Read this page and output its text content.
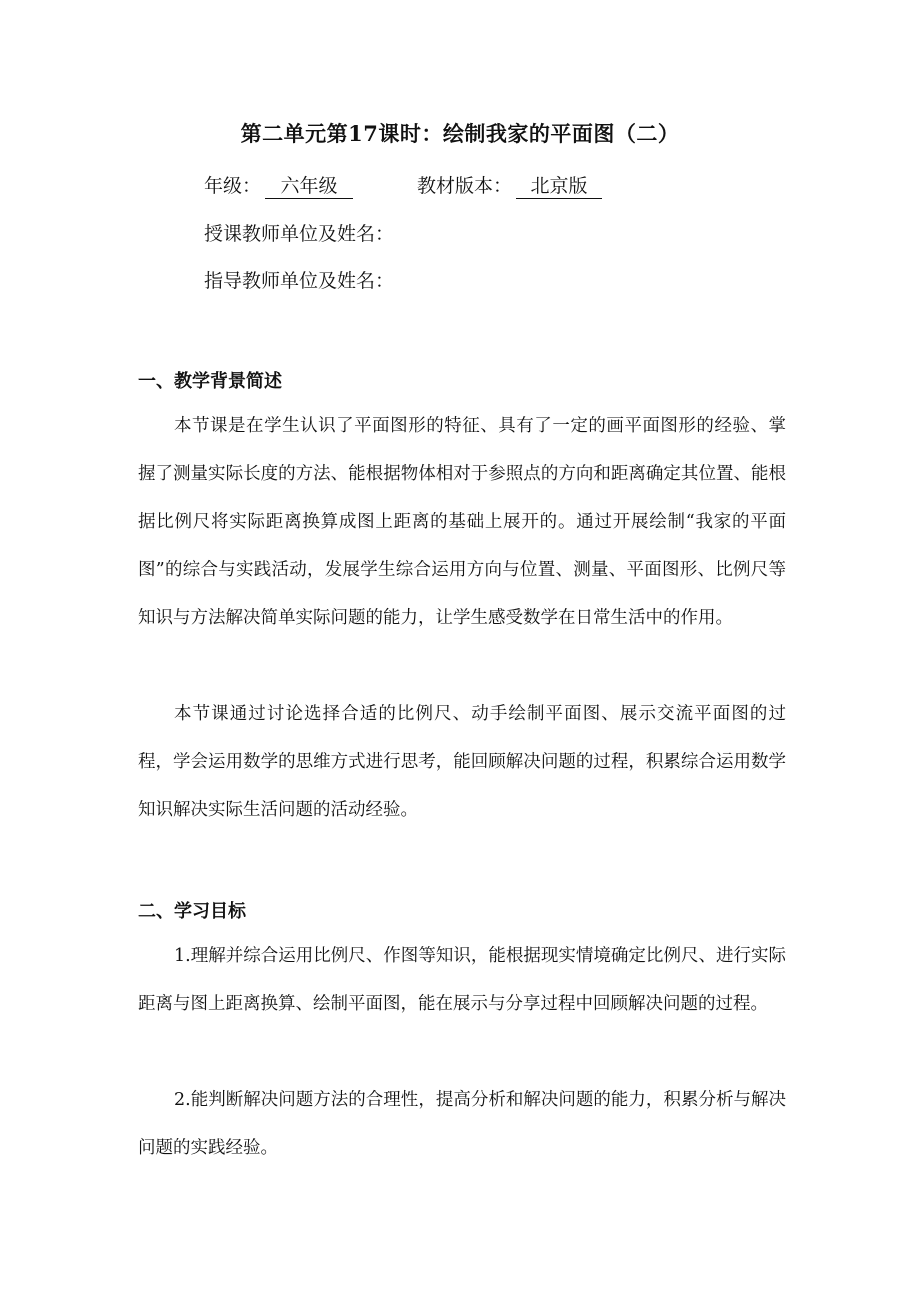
第二单元第17课时：绘制我家的平面图（二）
年级： 六年级	教材版本： 北京版
授课教师单位及姓名：
指导教师单位及姓名：
一、教学背景简述

本节课是在学生认识了平面图形的特征、具有了一定的画平面图形的经验、掌握了测量实际长度的方法、能根据物体相对于参照点的方向和距离确定其位置、能根据比例尺将实际距离换算成图上距离的基础上展开的。通过开展绘制“我家的平面图”的综合与实践活动，发展学生综合运用方向与位置、测量、平面图形、比例尺等知识与方法解决简单实际问题的能力，让学生感受数学在日常生活中的作用。

本节课通过讨论选择合适的比例尺、动手绘制平面图、展示交流平面图的过程，学会运用数学的思维方式进行思考，能回顾解决问题的过程，积累综合运用数学知识解决实际生活问题的活动经验。

二、学习目标

1.理解并综合运用比例尺、作图等知识，能根据现实情境确定比例尺、进行实际距离与图上距离换算、绘制平面图，能在展示与分享过程中回顾解决问题的过程。

2.能判断解决问题方法的合理性，提高分析和解决问题的能力，积累分析与解决问题的实践经验。
